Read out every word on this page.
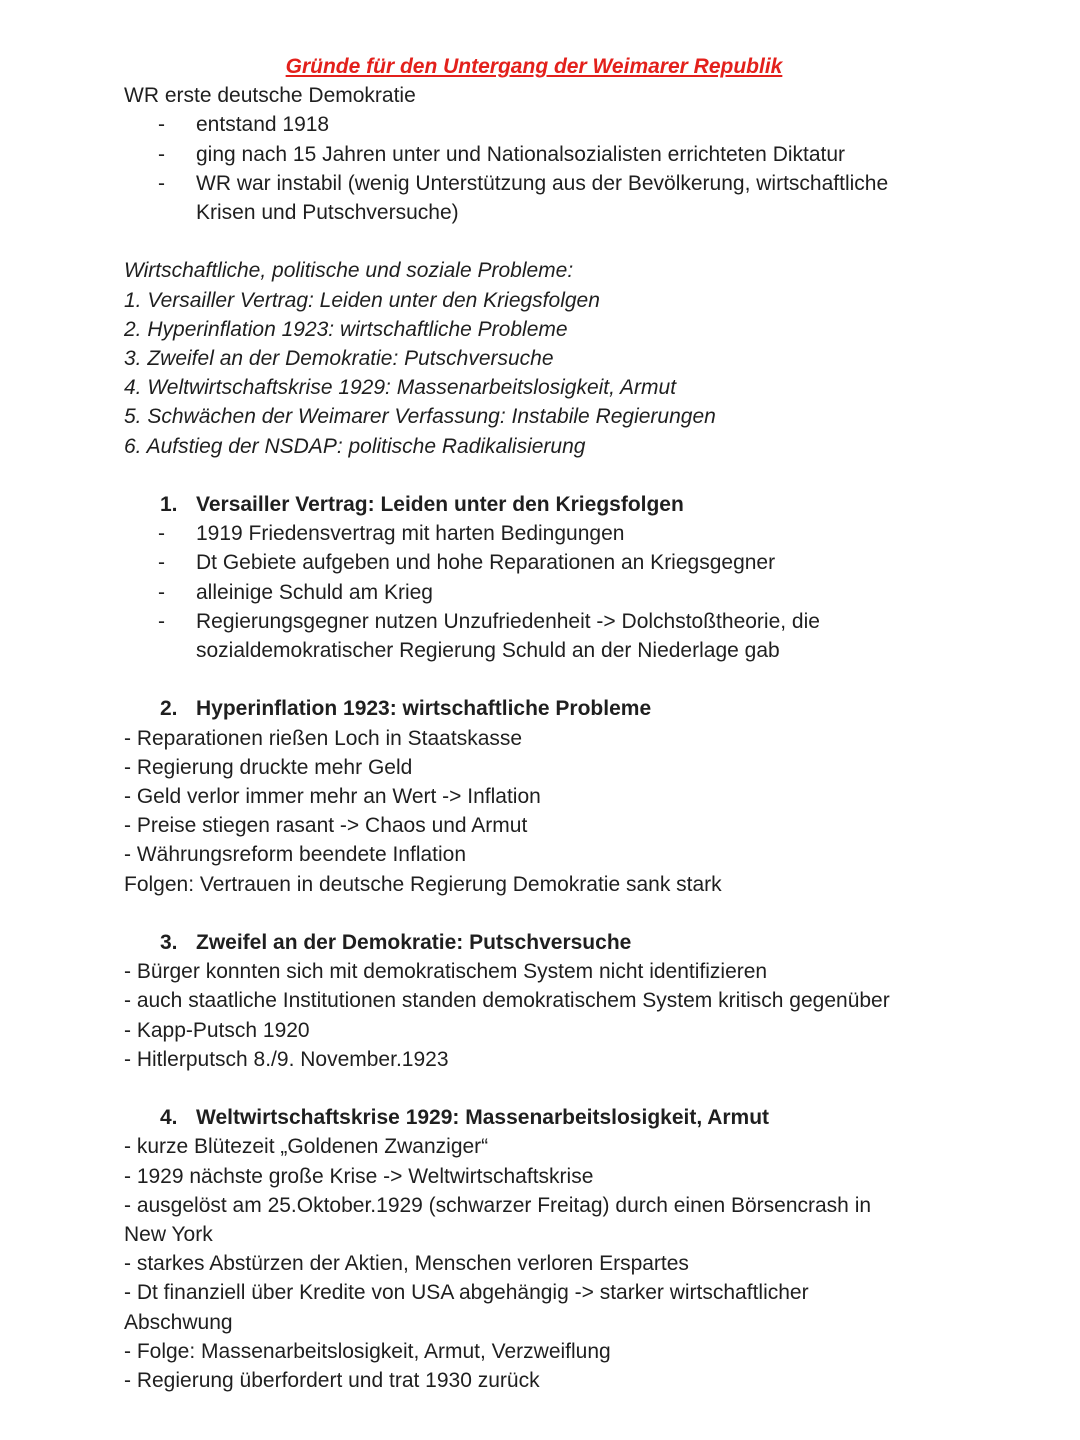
Gründe für den Untergang der Weimarer Republik
WR erste deutsche Demokratie
- entstand 1918
- ging nach 15 Jahren unter und Nationalsozialisten errichteten Diktatur
- WR war instabil (wenig Unterstützung aus der Bevölkerung, wirtschaftliche
Krisen und Putschversuche)
Wirtschaftliche, politische und soziale Probleme:
1. Versailler Vertrag: Leiden unter den Kriegsfolgen
2. Hyperinflation 1923: wirtschaftliche Probleme
3. Zweifel an der Demokratie: Putschversuche
4. Weltwirtschaftskrise 1929: Massenarbeitslosigkeit, Armut
5. Schwächen der Weimarer Verfassung: Instabile Regierungen
6. Aufstieg der NSDAP: politische Radikalisierung
1. Versailler Vertrag: Leiden unter den Kriegsfolgen
- 1919 Friedensvertrag mit harten Bedingungen
- Dt Gebiete aufgeben und hohe Reparationen an Kriegsgegner
- alleinige Schuld am Krieg
- Regierungsgegner nutzen Unzufriedenheit -> Dolchstoßtheorie, die
sozialdemokratischer Regierung Schuld an der Niederlage gab
2. Hyperinflation 1923: wirtschaftliche Probleme
- Reparationen rießen Loch in Staatskasse
- Regierung druckte mehr Geld
- Geld verlor immer mehr an Wert -> Inflation
- Preise stiegen rasant -> Chaos und Armut
- Währungsreform beendete Inflation
Folgen: Vertrauen in deutsche Regierung Demokratie sank stark
3. Zweifel an der Demokratie: Putschversuche
- Bürger konnten sich mit demokratischem System nicht identifizieren
- auch staatliche Institutionen standen demokratischem System kritisch gegenüber
- Kapp-Putsch 1920
- Hitlerputsch 8./9. November.1923
4. Weltwirtschaftskrise 1929: Massenarbeitslosigkeit, Armut
- kurze Blütezeit „Goldenen Zwanziger“
- 1929 nächste große Krise -> Weltwirtschaftskrise
- ausgelöst am 25.Oktober.1929 (schwarzer Freitag) durch einen Börsencrash in
New York
- starkes Abstürzen der Aktien, Menschen verloren Erspartes
- Dt finanziell über Kredite von USA abgehängig -> starker wirtschaftlicher
Abschwung
- Folge: Massenarbeitslosigkeit, Armut, Verzweiflung
- Regierung überfordert und trat 1930 zurück
